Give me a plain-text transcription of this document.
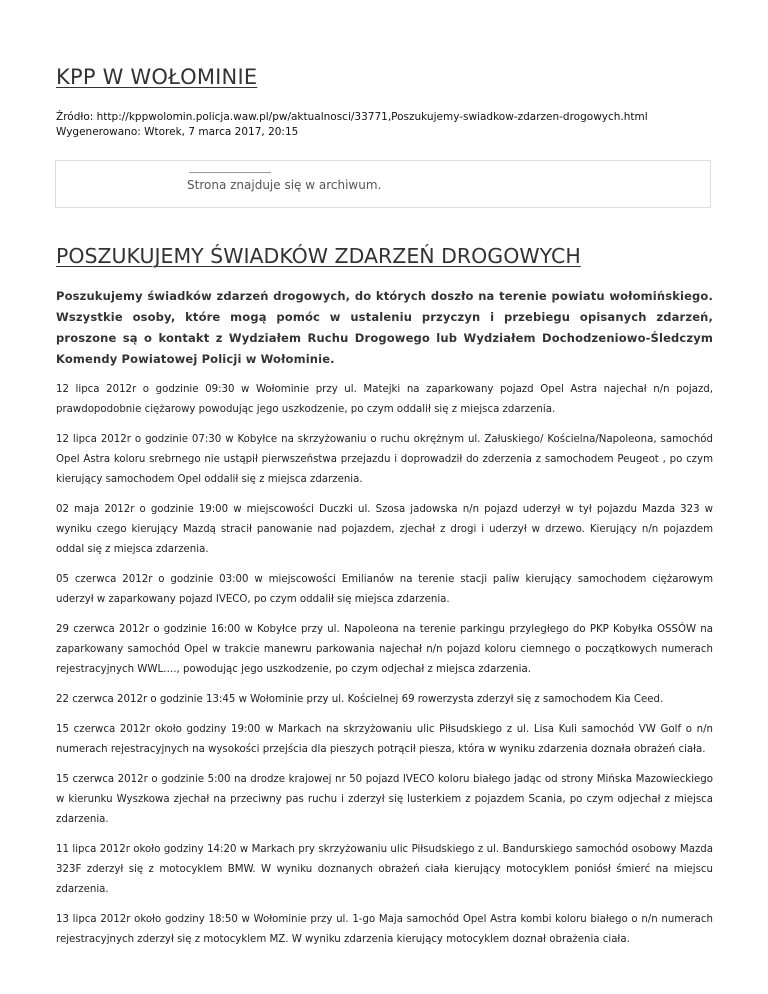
KPP W WOŁOMINIE
Źródło: http://kppwolomin.policja.waw.pl/pw/aktualnosci/33771,Poszukujemy-swiadkow-zdarzen-drogowych.html
Wygenerowano: Wtorek, 7 marca 2017, 20:15
Strona znajduje się w archiwum.
POSZUKUJEMY ŚWIADKÓW ZDARZEŃ DROGOWYCH

Poszukujemy świadków zdarzeń drogowych, do których doszło na terenie powiatu wołomińskiego. Wszystkie osoby, które mogą pomóc w ustaleniu przyczyn i przebiegu opisanych zdarzeń, proszone są o kontakt z Wydziałem Ruchu Drogowego lub Wydziałem Dochodzeniowo-Śledczym Komendy Powiatowej Policji w Wołominie.

12 lipca 2012r o godzinie 09:30 w Wołominie przy ul. Matejki na zaparkowany pojazd Opel Astra najechał n/n pojazd, prawdopodobnie ciężarowy powodując jego uszkodzenie, po czym oddalił się z miejsca zdarzenia.

12 lipca 2012r o godzinie 07:30 w Kobyłce na skrzyżowaniu o ruchu okrężnym ul. Załuskiego/ Kościelna/Napoleona, samochód Opel Astra koloru srebrnego nie ustąpił pierwszeństwa przejazdu i doprowadził do zderzenia z samochodem Peugeot , po czym kierujący samochodem Opel oddalił się z miejsca zdarzenia.

02 maja 2012r o godzinie 19:00 w miejscowości Duczki ul. Szosa jadowska n/n pojazd uderzył w tył pojazdu Mazda 323 w wyniku czego kierujący Mazdą stracił panowanie nad pojazdem, zjechał z drogi i uderzył w drzewo. Kierujący n/n pojazdem oddal się z miejsca zdarzenia.

05 czerwca 2012r o godzinie 03:00 w miejscowości Emilianów na terenie stacji paliw kierujący samochodem ciężarowym uderzył w zaparkowany pojazd IVECO, po czym oddalił się miejsca zdarzenia.

29 czerwca 2012r o godzinie 16:00 w Kobyłce przy ul. Napoleona na terenie parkingu przyległego do PKP Kobyłka OSSÓW na zaparkowany samochód Opel w trakcie manewru parkowania najechał n/n pojazd koloru ciemnego o początkowych numerach rejestracyjnych WWL…., powodując jego uszkodzenie, po czym odjechał z miejsca zdarzenia.

22 czerwca 2012r o godzinie 13:45 w Wołominie przy ul. Kościelnej 69 rowerzysta zderzył się z samochodem Kia Ceed.

15 czerwca 2012r około godziny 19:00 w Markach na skrzyżowaniu ulic Piłsudskiego z ul. Lisa Kuli samochód VW Golf o n/n numerach rejestracyjnych na wysokości przejścia dla pieszych potrącił piesza, która w wyniku zdarzenia doznała obrażeń ciała.

15 czerwca 2012r o godzinie 5:00 na drodze krajowej nr 50 pojazd IVECO koloru białego jadąc od strony Mińska Mazowieckiego w kierunku Wyszkowa zjechał na przeciwny pas ruchu i zderzył się lusterkiem z pojazdem Scania, po czym odjechał z miejsca zdarzenia.

11 lipca 2012r około godziny 14:20 w Markach pry skrzyżowaniu ulic Piłsudskiego z ul. Bandurskiego samochód osobowy Mazda 323F zderzył się z motocyklem BMW. W wyniku doznanych obrażeń ciała kierujący motocyklem poniósł śmierć na miejscu zdarzenia.

13 lipca 2012r około godziny 18:50 w Wołominie przy ul. 1-go Maja samochód Opel Astra kombi koloru białego o n/n numerach rejestracyjnych zderzył się z motocyklem MZ. W wyniku zdarzenia kierujący motocyklem doznał obrażenia ciała.
